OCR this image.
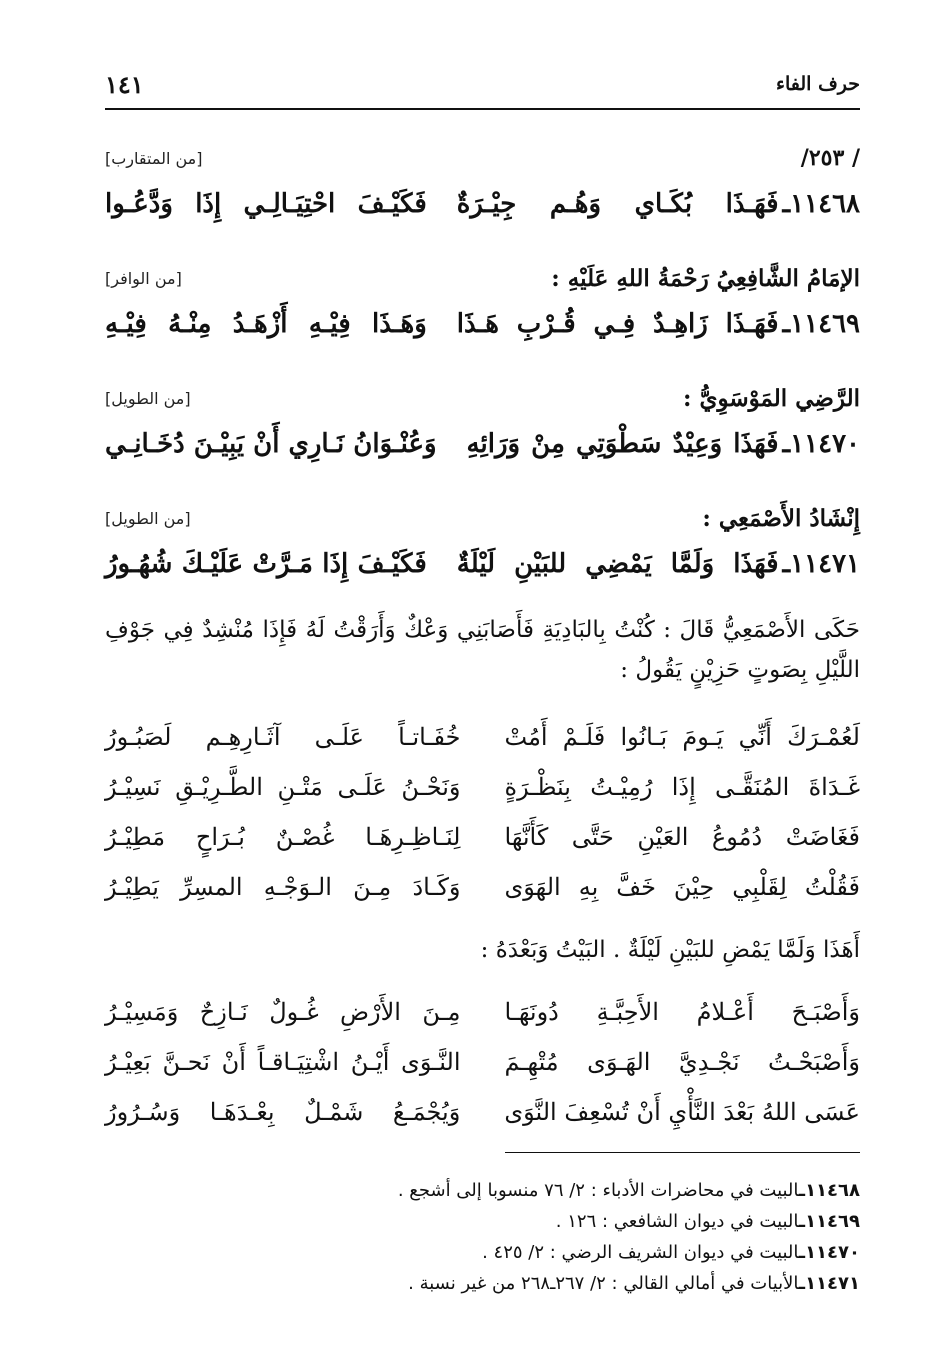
حرف الفاء
١٤١
/ ٢٥٣/
[من المتقارب]
١١٤٦٨ـ
فَهَـذَا بُكَـاي وَهُـم جِيْـرَةٌ
فَكَيْـفَ احْتِيَـالِـي إِذَا وَدَّعُـوا
الإمَامُ الشَّافِعِيُ رَحْمَةُ اللهِ عَلَيْهِ :
[من الوافر]
١١٤٦٩ـ
فَهَـذَا زَاهِـدٌ فِـي قُـرْبِ هَـذَا
وَهَـذَا فِيْـهِ أَزْهَـدُ مِنْـهُ فِيْـهِ
الرَّضِي المَوْسَوِيُّ :
[من الطويل]
١١٤٧٠ـ
فَهَذَا وَعِيْدٌ سَطْوَتِي مِنْ وَرَائِهِ
وَعُنْـوَانُ نَـارِي أَنْ يَبِيْـنَ دُخَـانِـي
إِنْشَادُ الأَصْمَعِي :
[من الطويل]
١١٤٧١ـ
فَهَذَا وَلَمَّا يَمْضِي للبَيْنِ لَيْلَةٌ
فَكَيْـفَ إِذَا مَـرَّتْ عَلَيْـكَ شُهُـورُ
حَكَى الأَصْمَعِيُّ قَالَ : كُنْتُ بِالبَادِيَةِ فَأَصَابَنِي وَعْكٌ وَأَرَقْتُ لَهُ فَإِذَا مُنْشِدٌ فِي جَوْفِ
اللَّيْلِ بِصَوتٍ حَزِيْنٍ يَقُولُ :
لَعُمْـرَكَ أَنِّي يَـومَ بَـانُوا فَلَـمْ أَمُتْ
خُفَـاتـاً عَلَـى آثَـارِهِـم لَصَبُـورُ
غَـدَاةَ المُنَقَّـى إِذَا رُمِيْـتُ بِنَظْـرَةٍ
وَنَحْـنُ عَلَـى مَتْـنِ الطَّـرِيْـقِ نَسِيْـرُ
فَغَاضَتْ دُمُوعُ العَيْنِ حَتَّى كَأَنَّهَا
لِنَـاظِـرِهَـا غُصْـنٌ بُـرَاحٍ مَطِيْـرُ
فَقُلْتُ لِقَلْبِي حِيْنَ خَفَّ بِهِ الهَوَى
وَكَـادَ مِـنَ الـوَجْـهِ المسِرِّ يَطِيْـرُ
أَهَذَا وَلَمَّا يَمْضِ للبَيْنِ لَيْلَةٌ . البَيْتُ وَبَعْدَهُ :
وَأَصْبَـحَ أَعْـلامُ الأَحِبَّـةِ دُونَهَـا
مِـنَ الأَرْضِ غُـولٌ نَـازِحٌ وَمَسِيْـرُ
وَأَصْبَحْـتُ نَجْـدِيَّ الهَـوَى مُتْهِـمَ
النَّـوَى أَيْـنُ اشْتِيَـاقـاً أَنْ نَحـنَّ بَعِيْـرُ
عَسَى اللهُ بَعْدَ النَّأْيِ أَنْ تُسْعِفَ النَّوَى
وَيُجْمَـعُ شَمْـلٌ بِعْـدَهَـا وَسُـرُورُ
١١٤٦٨ـالبيت في محاضرات الأدباء : ٢/ ٧٦ منسوبا إلى أشجع .
١١٤٦٩ـالبيت في ديوان الشافعي : ١٢٦ .
١١٤٧٠ـالبيت في ديوان الشريف الرضي : ٢/ ٤٢٥ .
١١٤٧١ـالأبيات في أمالي القالي : ٢/ ٢٦٧ـ٢٦٨ من غير نسبة .
